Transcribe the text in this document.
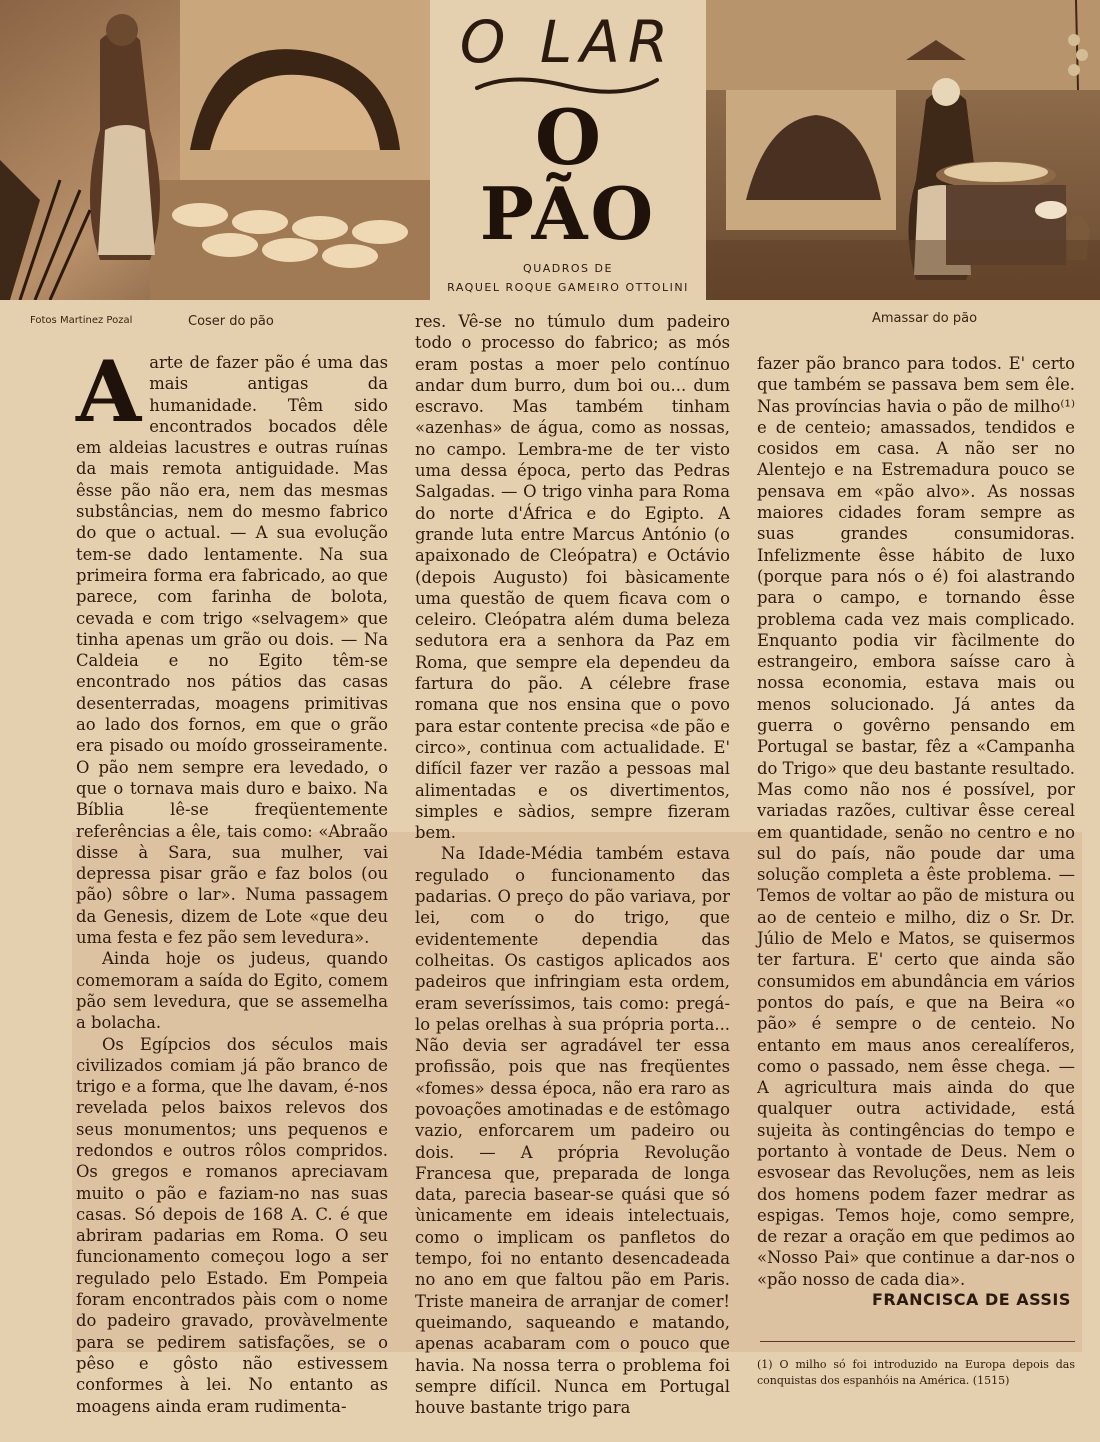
O LAR
O
PÃO
QUADROS DE
RAQUEL ROQUE GAMEIRO OTTOLINI
Fotos Martinez Pozal	Coser do pão	Amassar do pão

Aarte de fazer pão é uma das mais antigas da humanidade. Têm sido encontrados bocados dêle em aldeias lacustres e outras ruínas da mais remota antiguidade. Mas êsse pão não era, nem das mesmas substâncias, nem do mesmo fabrico do que o actual. — A sua evolução tem-se dado lentamente. Na sua primeira forma era fabricado, ao que parece, com farinha de bolota, cevada e com trigo «selvagem» que tinha apenas um grão ou dois. — Na Caldeia e no Egito têm-se encontrado nos pátios das casas desenterradas, moagens primitivas ao lado dos fornos, em que o grão era pisado ou moído grosseiramente. O pão nem sempre era levedado, o que o tornava mais duro e baixo. Na Bíblia lê-se freqüentemente referências a êle, tais como: «Abraão disse à Sara, sua mulher, vai depressa pisar grão e faz bolos (ou pão) sôbre o lar». Numa passagem da Genesis, dizem de Lote «que deu uma festa e fez pão sem levedura».

Ainda hoje os judeus, quando comemoram a saída do Egito, comem pão sem levedura, que se assemelha a bolacha.

Os Egípcios dos séculos mais civilizados comiam já pão branco de trigo e a forma, que lhe davam, é-nos revelada pelos baixos relevos dos seus monumentos; uns pequenos e redondos e outros rôlos compridos. Os gregos e romanos apreciavam muito o pão e faziam-no nas suas casas. Só depois de 168 A. C. é que abriram padarias em Roma. O seu funcionamento começou logo a ser regulado pelo Estado. Em Pompeia foram encontrados pàis com o nome do padeiro gravado, provàvelmente para se pedirem satisfações, se o pêso e gôsto não estivessem conformes à lei. No entanto as moagens ainda eram rudimenta-

res. Vê-se no túmulo dum padeiro todo o processo do fabrico; as mós eram postas a moer pelo contínuo andar dum burro, dum boi ou... dum escravo. Mas também tinham «azenhas» de água, como as nossas, no campo. Lembra-me de ter visto uma dessa época, perto das Pedras Salgadas. — O trigo vinha para Roma do norte d'África e do Egipto. A grande luta entre Marcus António (o apaixonado de Cleópatra) e Octávio (depois Augusto) foi bàsicamente uma questão de quem ficava com o celeiro. Cleópatra além duma beleza sedutora era a senhora da Paz em Roma, que sempre ela dependeu da fartura do pão. A célebre frase romana que nos ensina que o povo para estar contente precisa «de pão e circo», continua com actualidade. E' difícil fazer ver razão a pessoas mal alimentadas e os divertimentos, simples e sàdios, sempre fizeram bem.

Na Idade-Média também estava regulado o funcionamento das padarias. O preço do pão variava, por lei, com o do trigo, que evidentemente dependia das colheitas. Os castigos aplicados aos padeiros que infringiam esta ordem, eram severíssimos, tais como: pregá-lo pelas orelhas à sua própria porta... Não devia ser agradável ter essa profissão, pois que nas freqüentes «fomes» dessa época, não era raro as povoações amotinadas e de estômago vazio, enforcarem um padeiro ou dois. — A própria Revolução Francesa que, preparada de longa data, parecia basear-se quási que só ùnicamente em ideais intelectuais, como o implicam os panfletos do tempo, foi no entanto desencadeada no ano em que faltou pão em Paris. Triste maneira de arranjar de comer! queimando, saqueando e matando, apenas acabaram com o pouco que havia. Na nossa terra o problema foi sempre difícil. Nunca em Portugal houve bastante trigo para

fazer pão branco para todos. E' certo que também se passava bem sem êle. Nas províncias havia o pão de milho⁽¹⁾ e de centeio; amassados, tendidos e cosidos em casa. A não ser no Alentejo e na Estremadura pouco se pensava em «pão alvo». As nossas maiores cidades foram sempre as suas grandes consumidoras. Infelizmente êsse hábito de luxo (porque para nós o é) foi alastrando para o campo, e tornando êsse problema cada vez mais complicado. Enquanto podia vir fàcilmente do estrangeiro, embora saísse caro à nossa economia, estava mais ou menos solucionado. Já antes da guerra o govêrno pensando em Portugal se bastar, fêz a «Campanha do Trigo» que deu bastante resultado. Mas como não nos é possível, por variadas razões, cultivar êsse cereal em quantidade, senão no centro e no sul do país, não poude dar uma solução completa a êste problema. — Temos de voltar ao pão de mistura ou ao de centeio e milho, diz o Sr. Dr. Júlio de Melo e Matos, se quisermos ter fartura. E' certo que ainda são consumidos em abundância em vários pontos do país, e que na Beira «o pão» é sempre o de centeio. No entanto em maus anos cerealíferos, como o passado, nem êsse chega. — A agricultura mais ainda do que qualquer outra actividade, está sujeita às contingências do tempo e portanto à vontade de Deus. Nem o esvosear das Revoluções, nem as leis dos homens podem fazer medrar as espigas. Temos hoje, como sempre, de rezar a oração em que pedimos ao «Nosso Pai» que continue a dar-nos o «pão nosso de cada dia».

FRANCISCA DE ASSIS
(1) O milho só foi introduzido na Europa depois das conquistas dos espanhóis na América. (1515)
